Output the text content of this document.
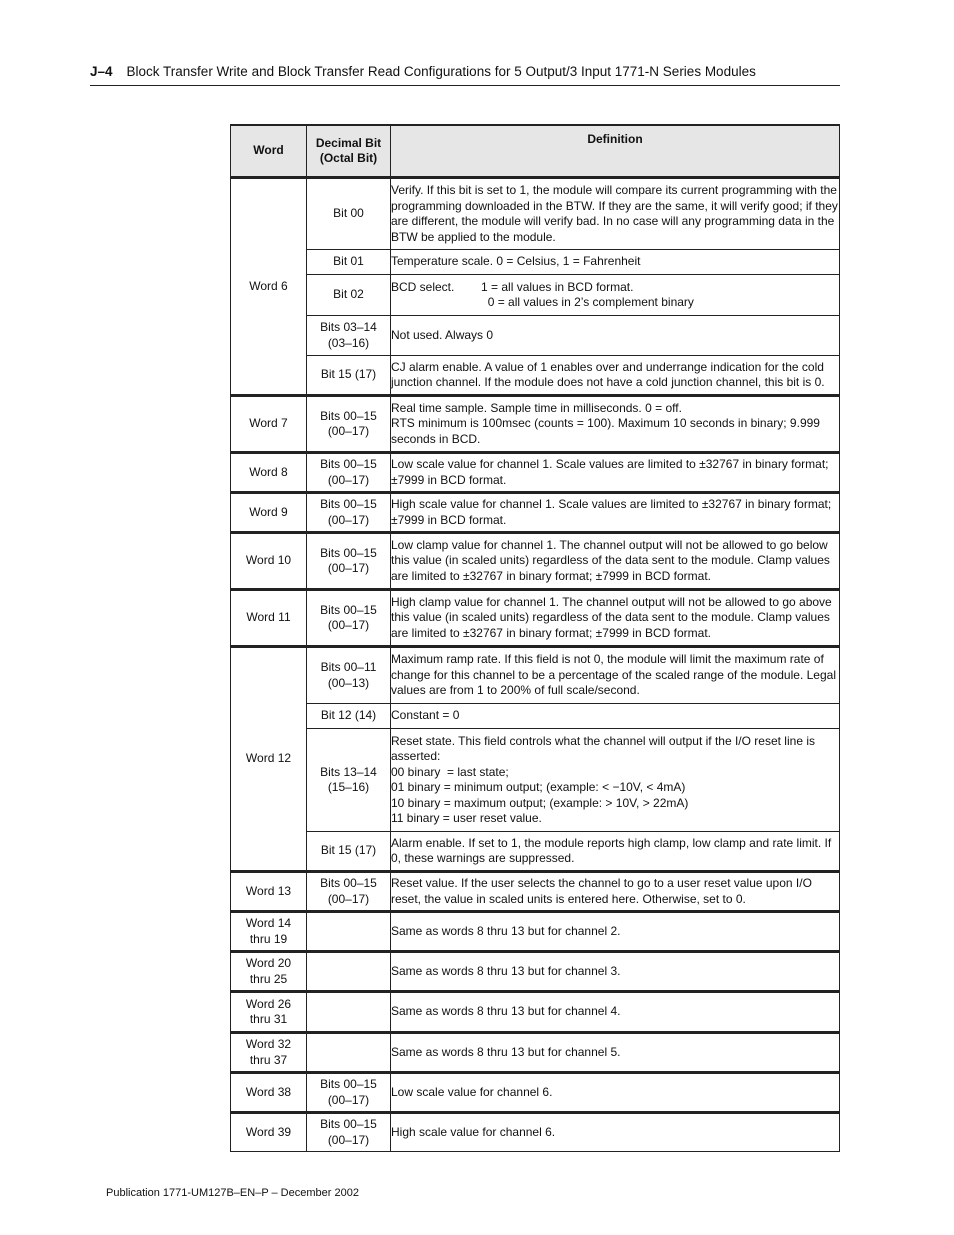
J–4 Block Transfer Write and Block Transfer Read Configurations for 5 Output/3 Input 1771-N Series Modules
Word	Decimal Bit
(Octal Bit)	Definition
Word 6	Bit 00	Verify. If this bit is set to 1, the module will compare its current programming with the programming downloaded in the BTW. If they are the same, it will verify good; if they are different, the module will verify bad. In no case will any programming data in the BTW be applied to the module.

	Bit 01	Temperature scale. 0 = Celsius, 1 = Fahrenheit

	Bit 02	BCD select.        1 = all values in BCD format.
0 = all values in 2’s complement binary

	Bits 03–14
(03–16)	Not used. Always 0

	Bit 15 (17)	CJ alarm enable. A value of 1 enables over and underrange indication for the cold junction channel. If the module does not have a cold junction channel, this bit is 0.

Word 7	Bits 00–15
(00–17)	Real time sample. Sample time in milliseconds. 0 = off.
RTS minimum is 100msec (counts = 100). Maximum 10 seconds in binary; 9.999 seconds in BCD.

Word 8	Bits 00–15
(00–17)	Low scale value for channel 1. Scale values are limited to ±32767 in binary format; ±7999 in BCD format.

Word 9	Bits 00–15
(00–17)	High scale value for channel 1. Scale values are limited to ±32767 in binary format; ±7999 in BCD format.

Word 10	Bits 00–15
(00–17)	Low clamp value for channel 1. The channel output will not be allowed to go below this value (in scaled units) regardless of the data sent to the module. Clamp values are limited to ±32767 in binary format; ±7999 in BCD format.

Word 11	Bits 00–15
(00–17)	High clamp value for channel 1. The channel output will not be allowed to go above this value (in scaled units) regardless of the data sent to the module. Clamp values are limited to ±32767 in binary format; ±7999 in BCD format.

Word 12	Bits 00–11
(00–13)	Maximum ramp rate. If this field is not 0, the module will limit the maximum rate of change for this channel to be a percentage of the scaled range of the module. Legal values are from 1 to 200% of full scale/second.

	Bit 12 (14)	Constant = 0

	Bits 13–14
(15–16)	Reset state. This field controls what the channel will output if the I/O reset line is asserted:
00 binary  = last state;
01 binary = minimum output; (example: < −10V, < 4mA)
10 binary = maximum output; (example: > 10V, > 22mA)
11 binary = user reset value.

	Bit 15 (17)	Alarm enable. If set to 1, the module reports high clamp, low clamp and rate limit. If 0, these warnings are suppressed.

Word 13	Bits 00–15
(00–17)	Reset value. If the user selects the channel to go to a user reset value upon I/O reset, the value in scaled units is entered here. Otherwise, set to 0.

Word 14
thru 19		Same as words 8 thru 13 but for channel 2.

Word 20
thru 25		Same as words 8 thru 13 but for channel 3.

Word 26
thru 31		Same as words 8 thru 13 but for channel 4.

Word 32
thru 37		Same as words 8 thru 13 but for channel 5.

Word 38	Bits 00–15
(00–17)	Low scale value for channel 6.

Word 39	Bits 00–15
(00–17)	High scale value for channel 6.
Publication 1771-UM127B–EN–P – December 2002
